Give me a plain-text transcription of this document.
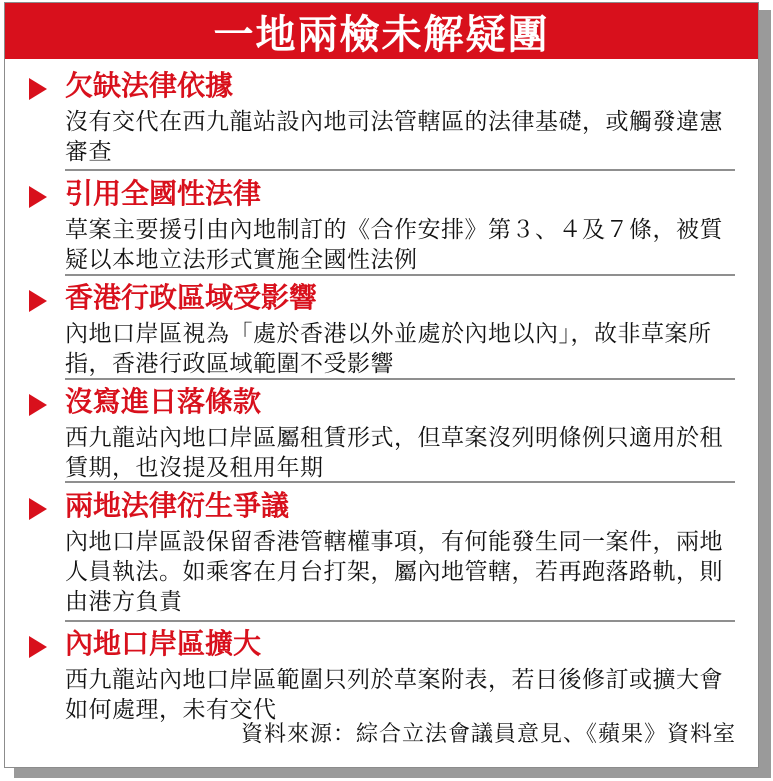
一地兩檢未解疑團
欠缺法律依據
沒有交代在西九龍站設內地司法管轄區的法律基礎，或觸發違憲審查
引用全國性法律
草案主要援引由內地制訂的《合作安排》第３、４及７條，被質疑以本地立法形式實施全國性法例
香港行政區域受影響
內地口岸區視為「處於香港以外並處於內地以內」，故非草案所指，香港行政區域範圍不受影響
沒寫進日落條款
西九龍站內地口岸區屬租賃形式，但草案沒列明條例只適用於租賃期，也沒提及租用年期
兩地法律衍生爭議
內地口岸區設保留香港管轄權事項，有何能發生同一案件，兩地人員執法。如乘客在月台打架，屬內地管轄，若再跑落路軌，則由港方負責
內地口岸區擴大
西九龍站內地口岸區範圍只列於草案附表，若日後修訂或擴大會如何處理，未有交代
資料來源：綜合立法會議員意見、《蘋果》資料室
